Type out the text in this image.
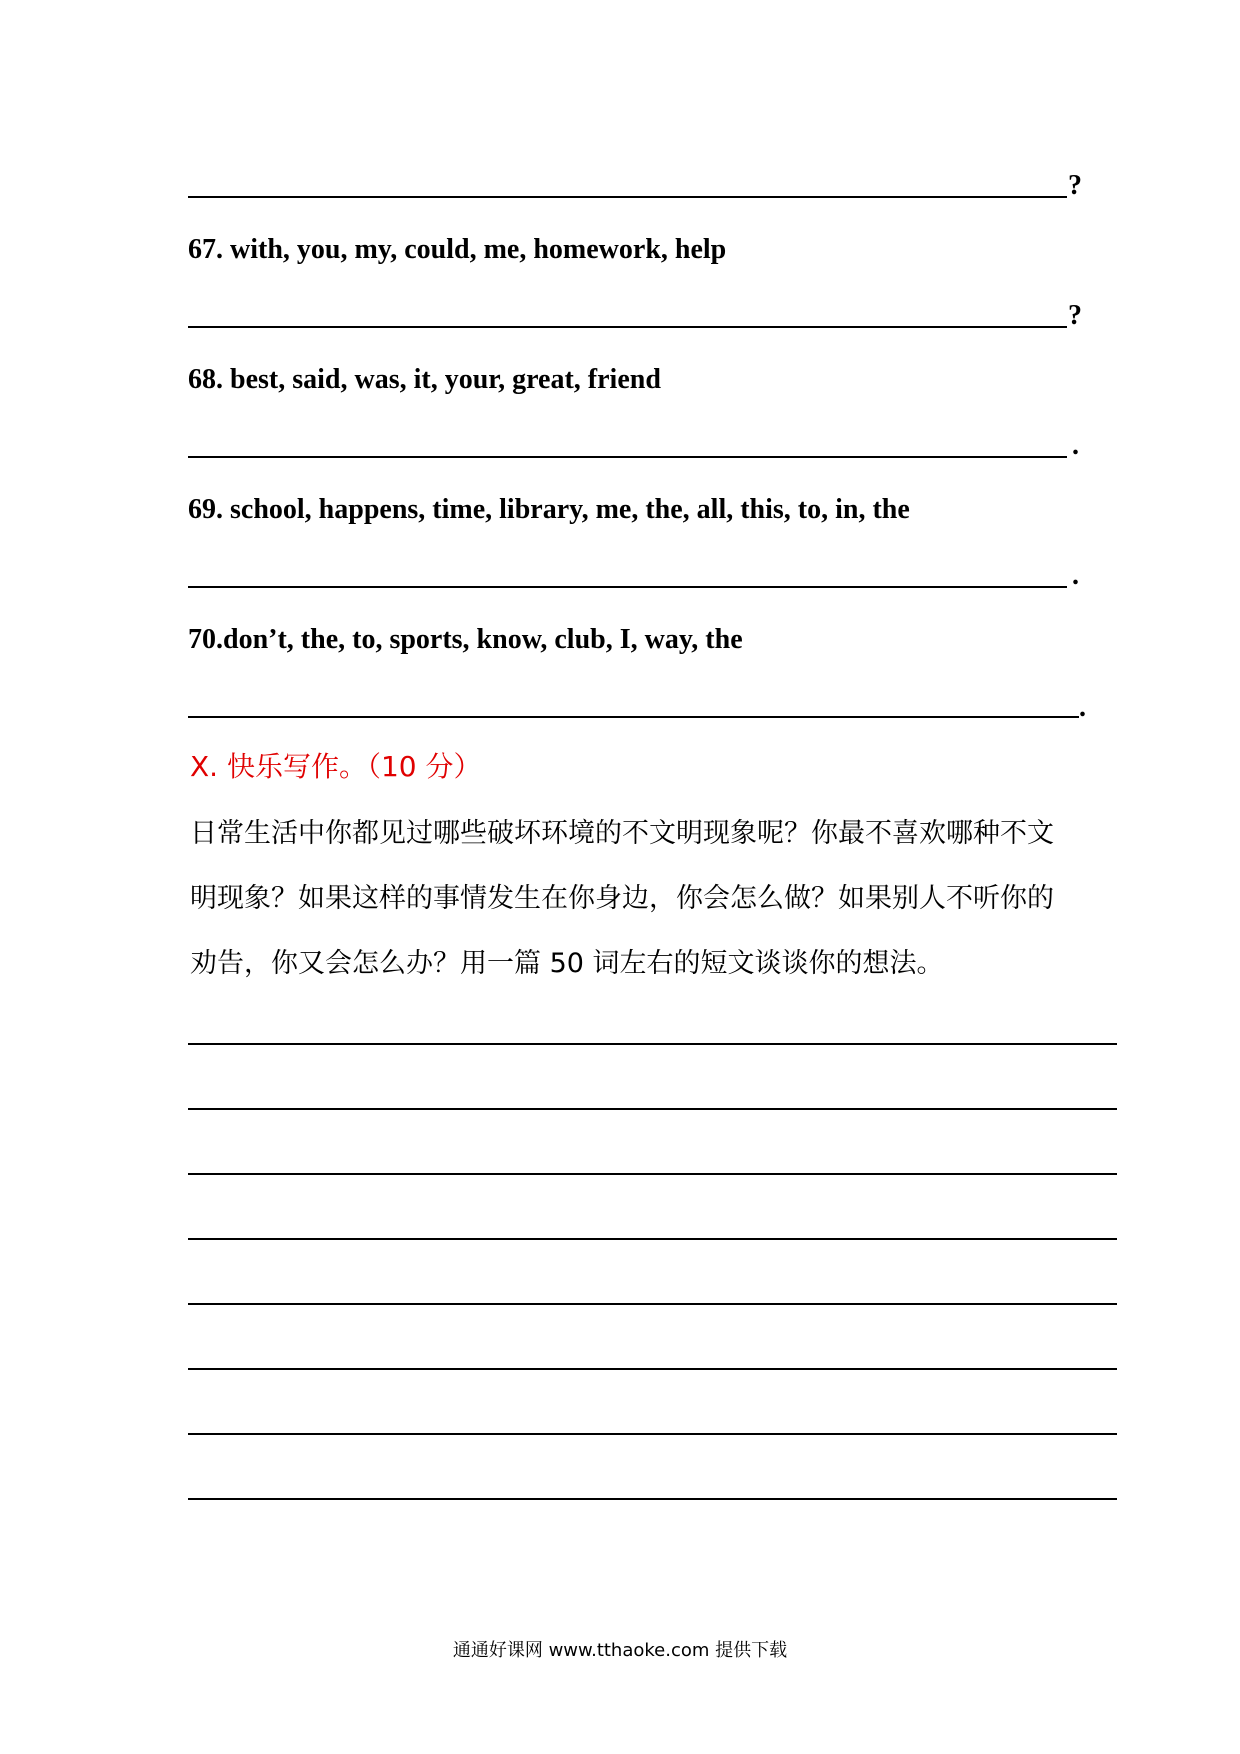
?
67. with, you, my, could, me, homework, help
?
68. best, said, was, it, your, great, friend
.
69. school, happens, time, library, me, the, all, this, to, in, the
.
70.don’t, the, to, sports, know, club, I, way, the
.
X. 快乐写作。（10 分）
日常生活中你都见过哪些破坏环境的不文明现象呢？你最不喜欢哪种不文
明现象？如果这样的事情发生在你身边，你会怎么做？如果别人不听你的
劝告，你又会怎么办？用一篇 50 词左右的短文谈谈你的想法。
通通好课网 www.tthaoke.com 提供下载
